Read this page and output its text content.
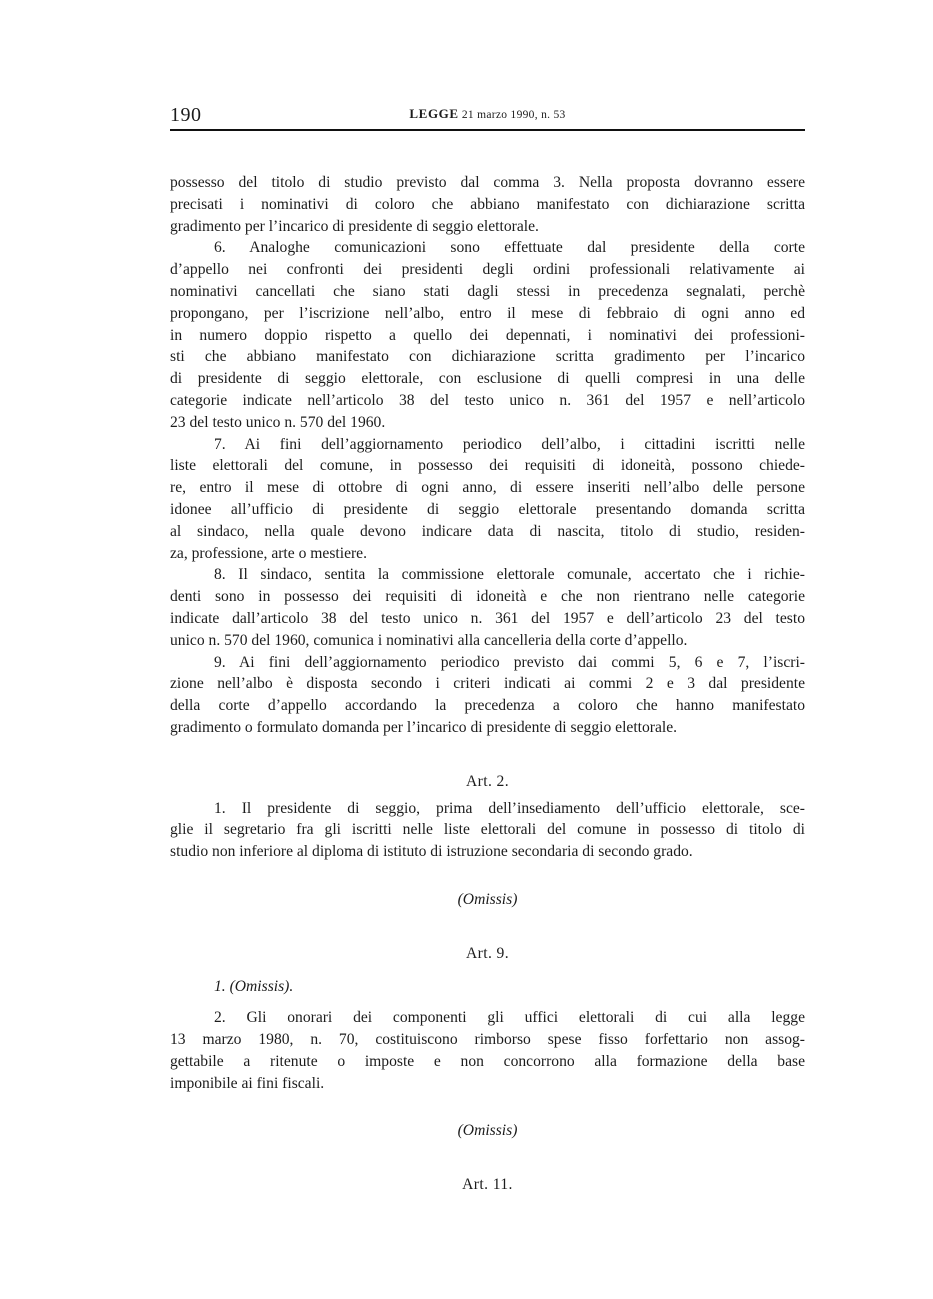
190	LEGGE 21 marzo 1990, n. 53
possesso del titolo di studio previsto dal comma 3. Nella proposta dovranno essere
precisati i nominativi di coloro che abbiano manifestato con dichiarazione scritta
gradimento per l’incarico di presidente di seggio elettorale.
6. Analoghe comunicazioni sono effettuate dal presidente della corte
d’appello nei confronti dei presidenti degli ordini professionali relativamente ai
nominativi cancellati che siano stati dagli stessi in precedenza segnalati, perchè
propongano, per l’iscrizione nell’albo, entro il mese di febbraio di ogni anno ed
in numero doppio rispetto a quello dei depennati, i nominativi dei professioni-
sti che abbiano manifestato con dichiarazione scritta gradimento per l’incarico
di presidente di seggio elettorale, con esclusione di quelli compresi in una delle
categorie indicate nell’articolo 38 del testo unico n. 361 del 1957 e nell’articolo
23 del testo unico n. 570 del 1960.
7. Ai fini dell’aggiornamento periodico dell’albo, i cittadini iscritti nelle
liste elettorali del comune, in possesso dei requisiti di idoneità, possono chiede-
re, entro il mese di ottobre di ogni anno, di essere inseriti nell’albo delle persone
idonee all’ufficio di presidente di seggio elettorale presentando domanda scritta
al sindaco, nella quale devono indicare data di nascita, titolo di studio, residen-
za, professione, arte o mestiere.
8. Il sindaco, sentita la commissione elettorale comunale, accertato che i richie-
denti sono in possesso dei requisiti di idoneità e che non rientrano nelle categorie
indicate dall’articolo 38 del testo unico n. 361 del 1957 e dell’articolo 23 del testo
unico n. 570 del 1960, comunica i nominativi alla cancelleria della corte d’appello.
9. Ai fini dell’aggiornamento periodico previsto dai commi 5, 6 e 7, l’iscri-
zione nell’albo è disposta secondo i criteri indicati ai commi 2 e 3 dal presidente
della corte d’appello accordando la precedenza a coloro che hanno manifestato
gradimento o formulato domanda per l’incarico di presidente di seggio elettorale.
Art. 2.
1. Il presidente di seggio, prima dell’insediamento dell’ufficio elettorale, sce-
glie il segretario fra gli iscritti nelle liste elettorali del comune in possesso di titolo di
studio non inferiore al diploma di istituto di istruzione secondaria di secondo grado.
(Omissis)
Art. 9.
1. (Omissis).
2. Gli onorari dei componenti gli uffici elettorali di cui alla legge
13 marzo 1980, n. 70, costituiscono rimborso spese fisso forfettario non assog-
gettabile a ritenute o imposte e non concorrono alla formazione della base
imponibile ai fini fiscali.
(Omissis)
Art. 11.
